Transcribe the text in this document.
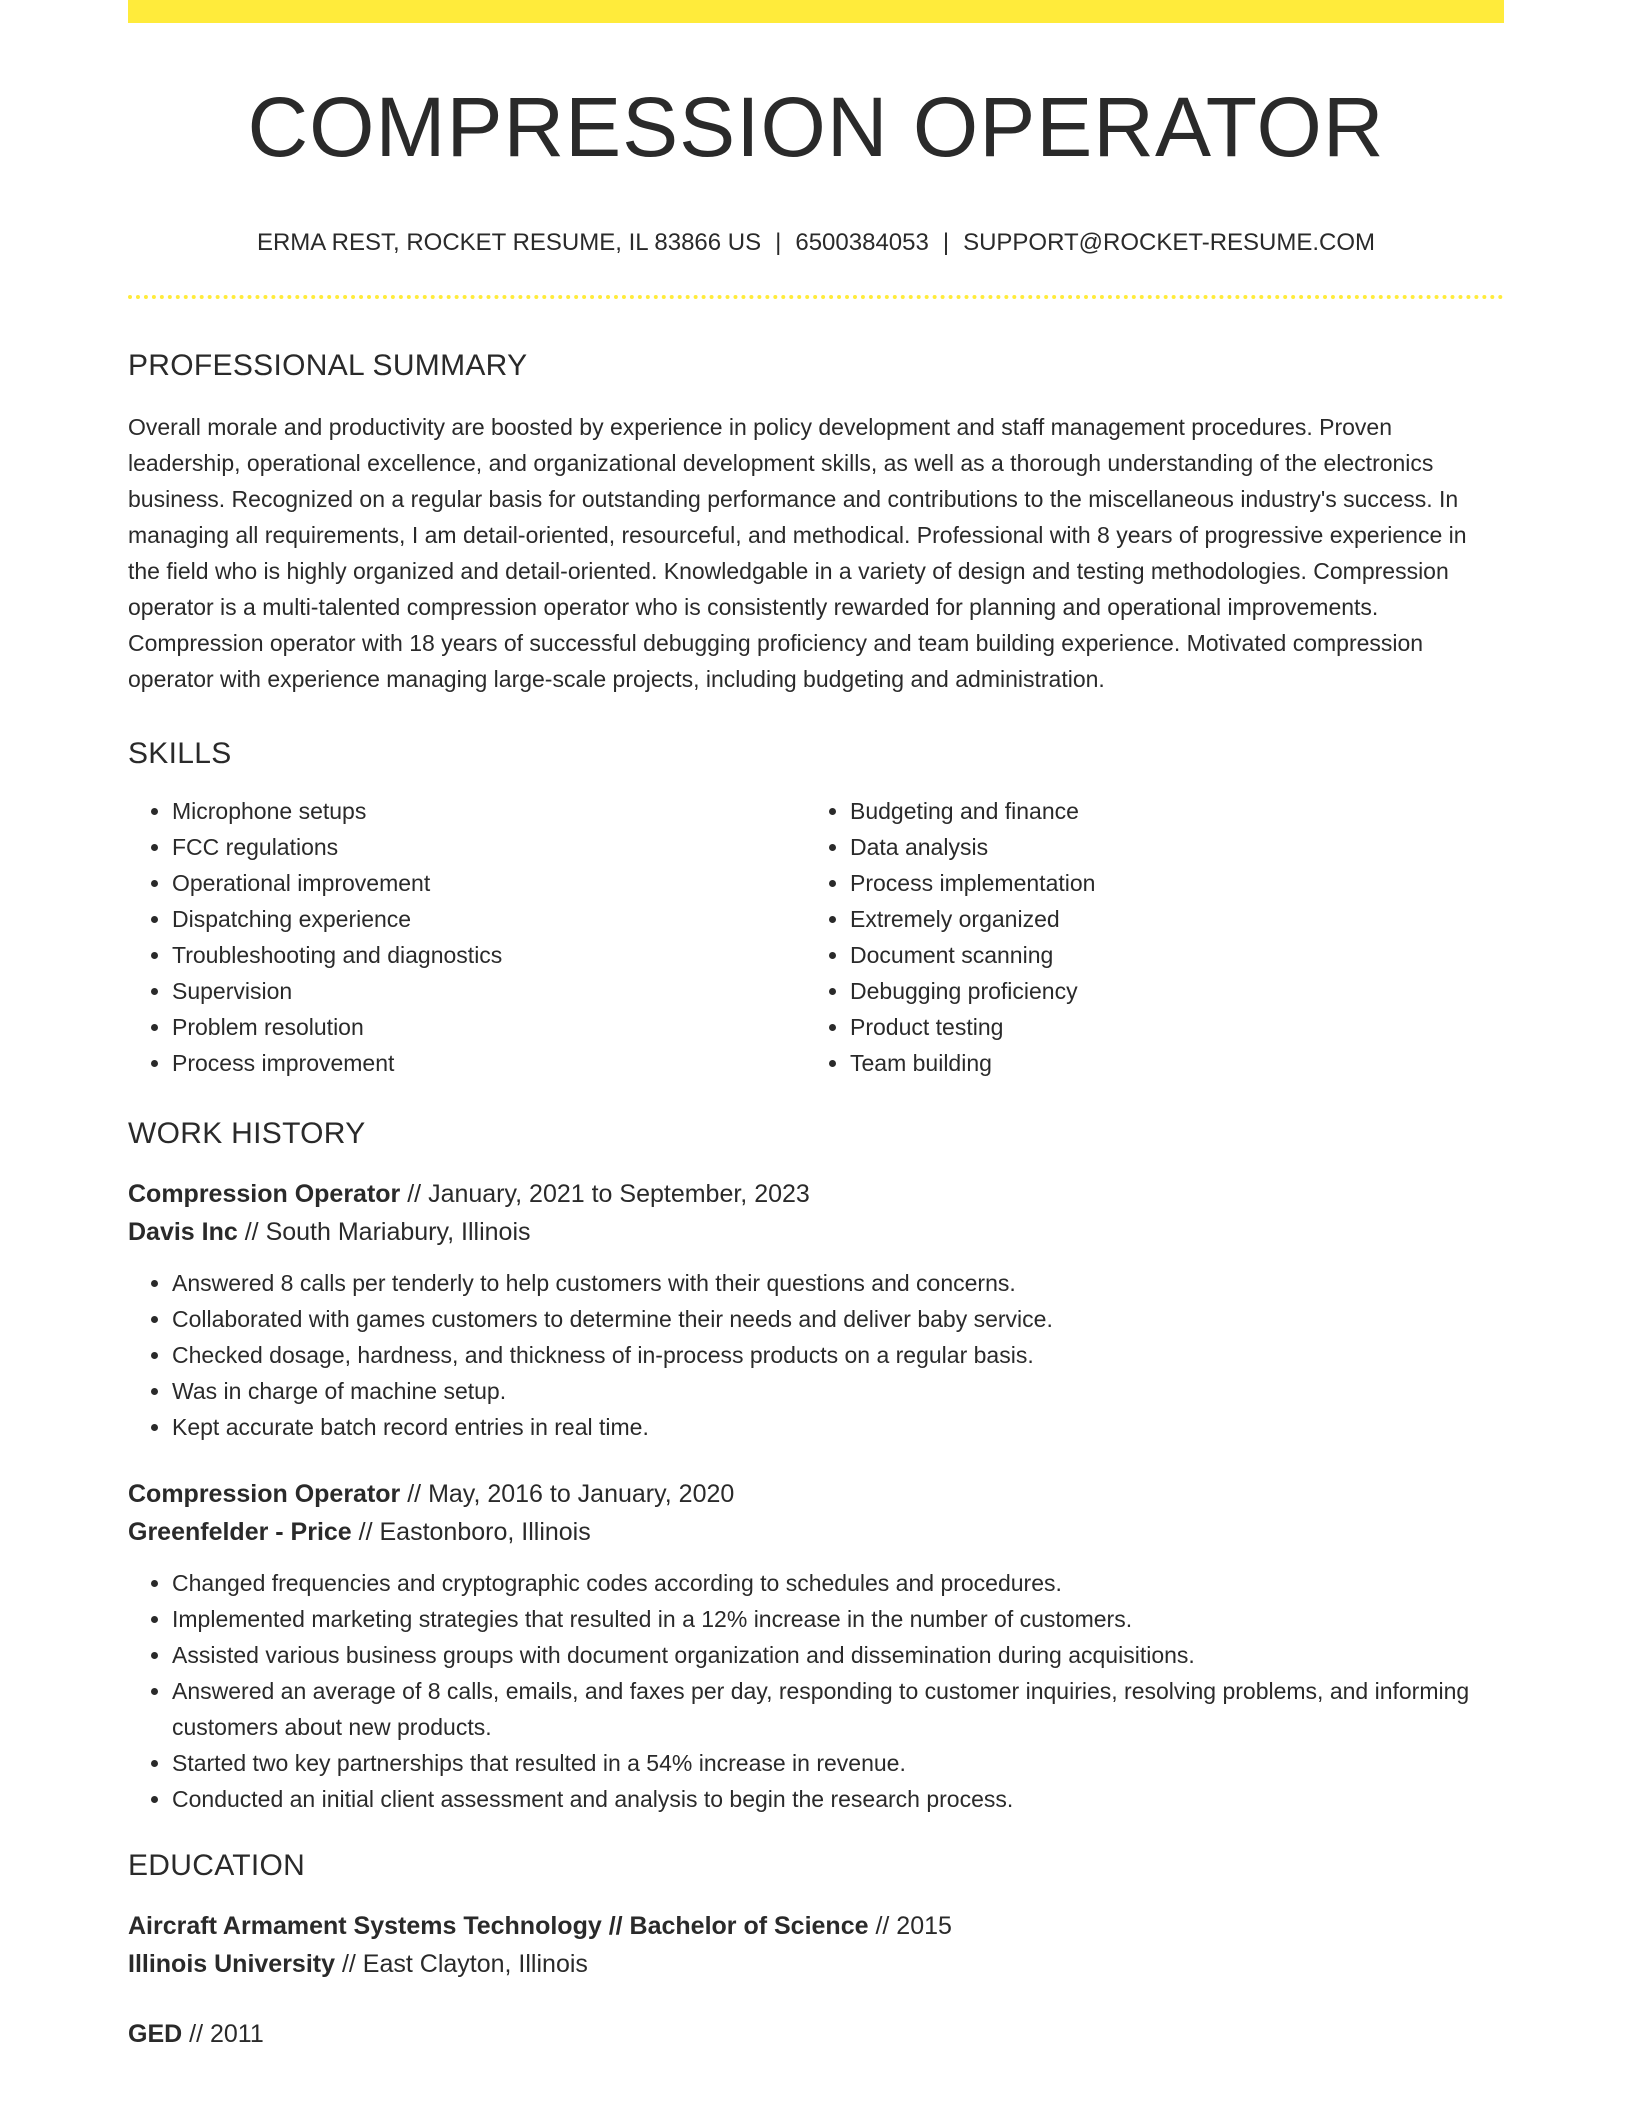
COMPRESSION OPERATOR
ERMA REST, ROCKET RESUME, IL 83866 US | 6500384053 | SUPPORT@ROCKET-RESUME.COM
PROFESSIONAL SUMMARY

Overall morale and productivity are boosted by experience in policy development and staff management procedures. Proven leadership, operational excellence, and organizational development skills, as well as a thorough understanding of the electronics business. Recognized on a regular basis for outstanding performance and contributions to the miscellaneous industry's success. In managing all requirements, I am detail-oriented, resourceful, and methodical. Professional with 8 years of progressive experience in the field who is highly organized and detail-oriented. Knowledgable in a variety of design and testing methodologies. Compression operator is a multi-talented compression operator who is consistently rewarded for planning and operational improvements. Compression operator with 18 years of successful debugging proficiency and team building experience. Motivated compression operator with experience managing large-scale projects, including budgeting and administration.

SKILLS
• Microphone setups
• FCC regulations
• Operational improvement
• Dispatching experience
• Troubleshooting and diagnostics
• Supervision
• Problem resolution
• Process improvement
• Budgeting and finance
• Data analysis
• Process implementation
• Extremely organized
• Document scanning
• Debugging proficiency
• Product testing
• Team building
WORK HISTORY
Compression Operator // January, 2021 to September, 2023
Davis Inc // South Mariabury, Illinois
• Answered 8 calls per tenderly to help customers with their questions and concerns.
• Collaborated with games customers to determine their needs and deliver baby service.
• Checked dosage, hardness, and thickness of in-process products on a regular basis.
• Was in charge of machine setup.
• Kept accurate batch record entries in real time.
Compression Operator // May, 2016 to January, 2020
Greenfelder - Price // Eastonboro, Illinois
• Changed frequencies and cryptographic codes according to schedules and procedures.
• Implemented marketing strategies that resulted in a 12% increase in the number of customers.
• Assisted various business groups with document organization and dissemination during acquisitions.
• Answered an average of 8 calls, emails, and faxes per day, responding to customer inquiries, resolving problems, and informing customers about new products.
• Started two key partnerships that resulted in a 54% increase in revenue.
• Conducted an initial client assessment and analysis to begin the research process.
EDUCATION
Aircraft Armament Systems Technology // Bachelor of Science // 2015
Illinois University // East Clayton, Illinois
GED // 2011
